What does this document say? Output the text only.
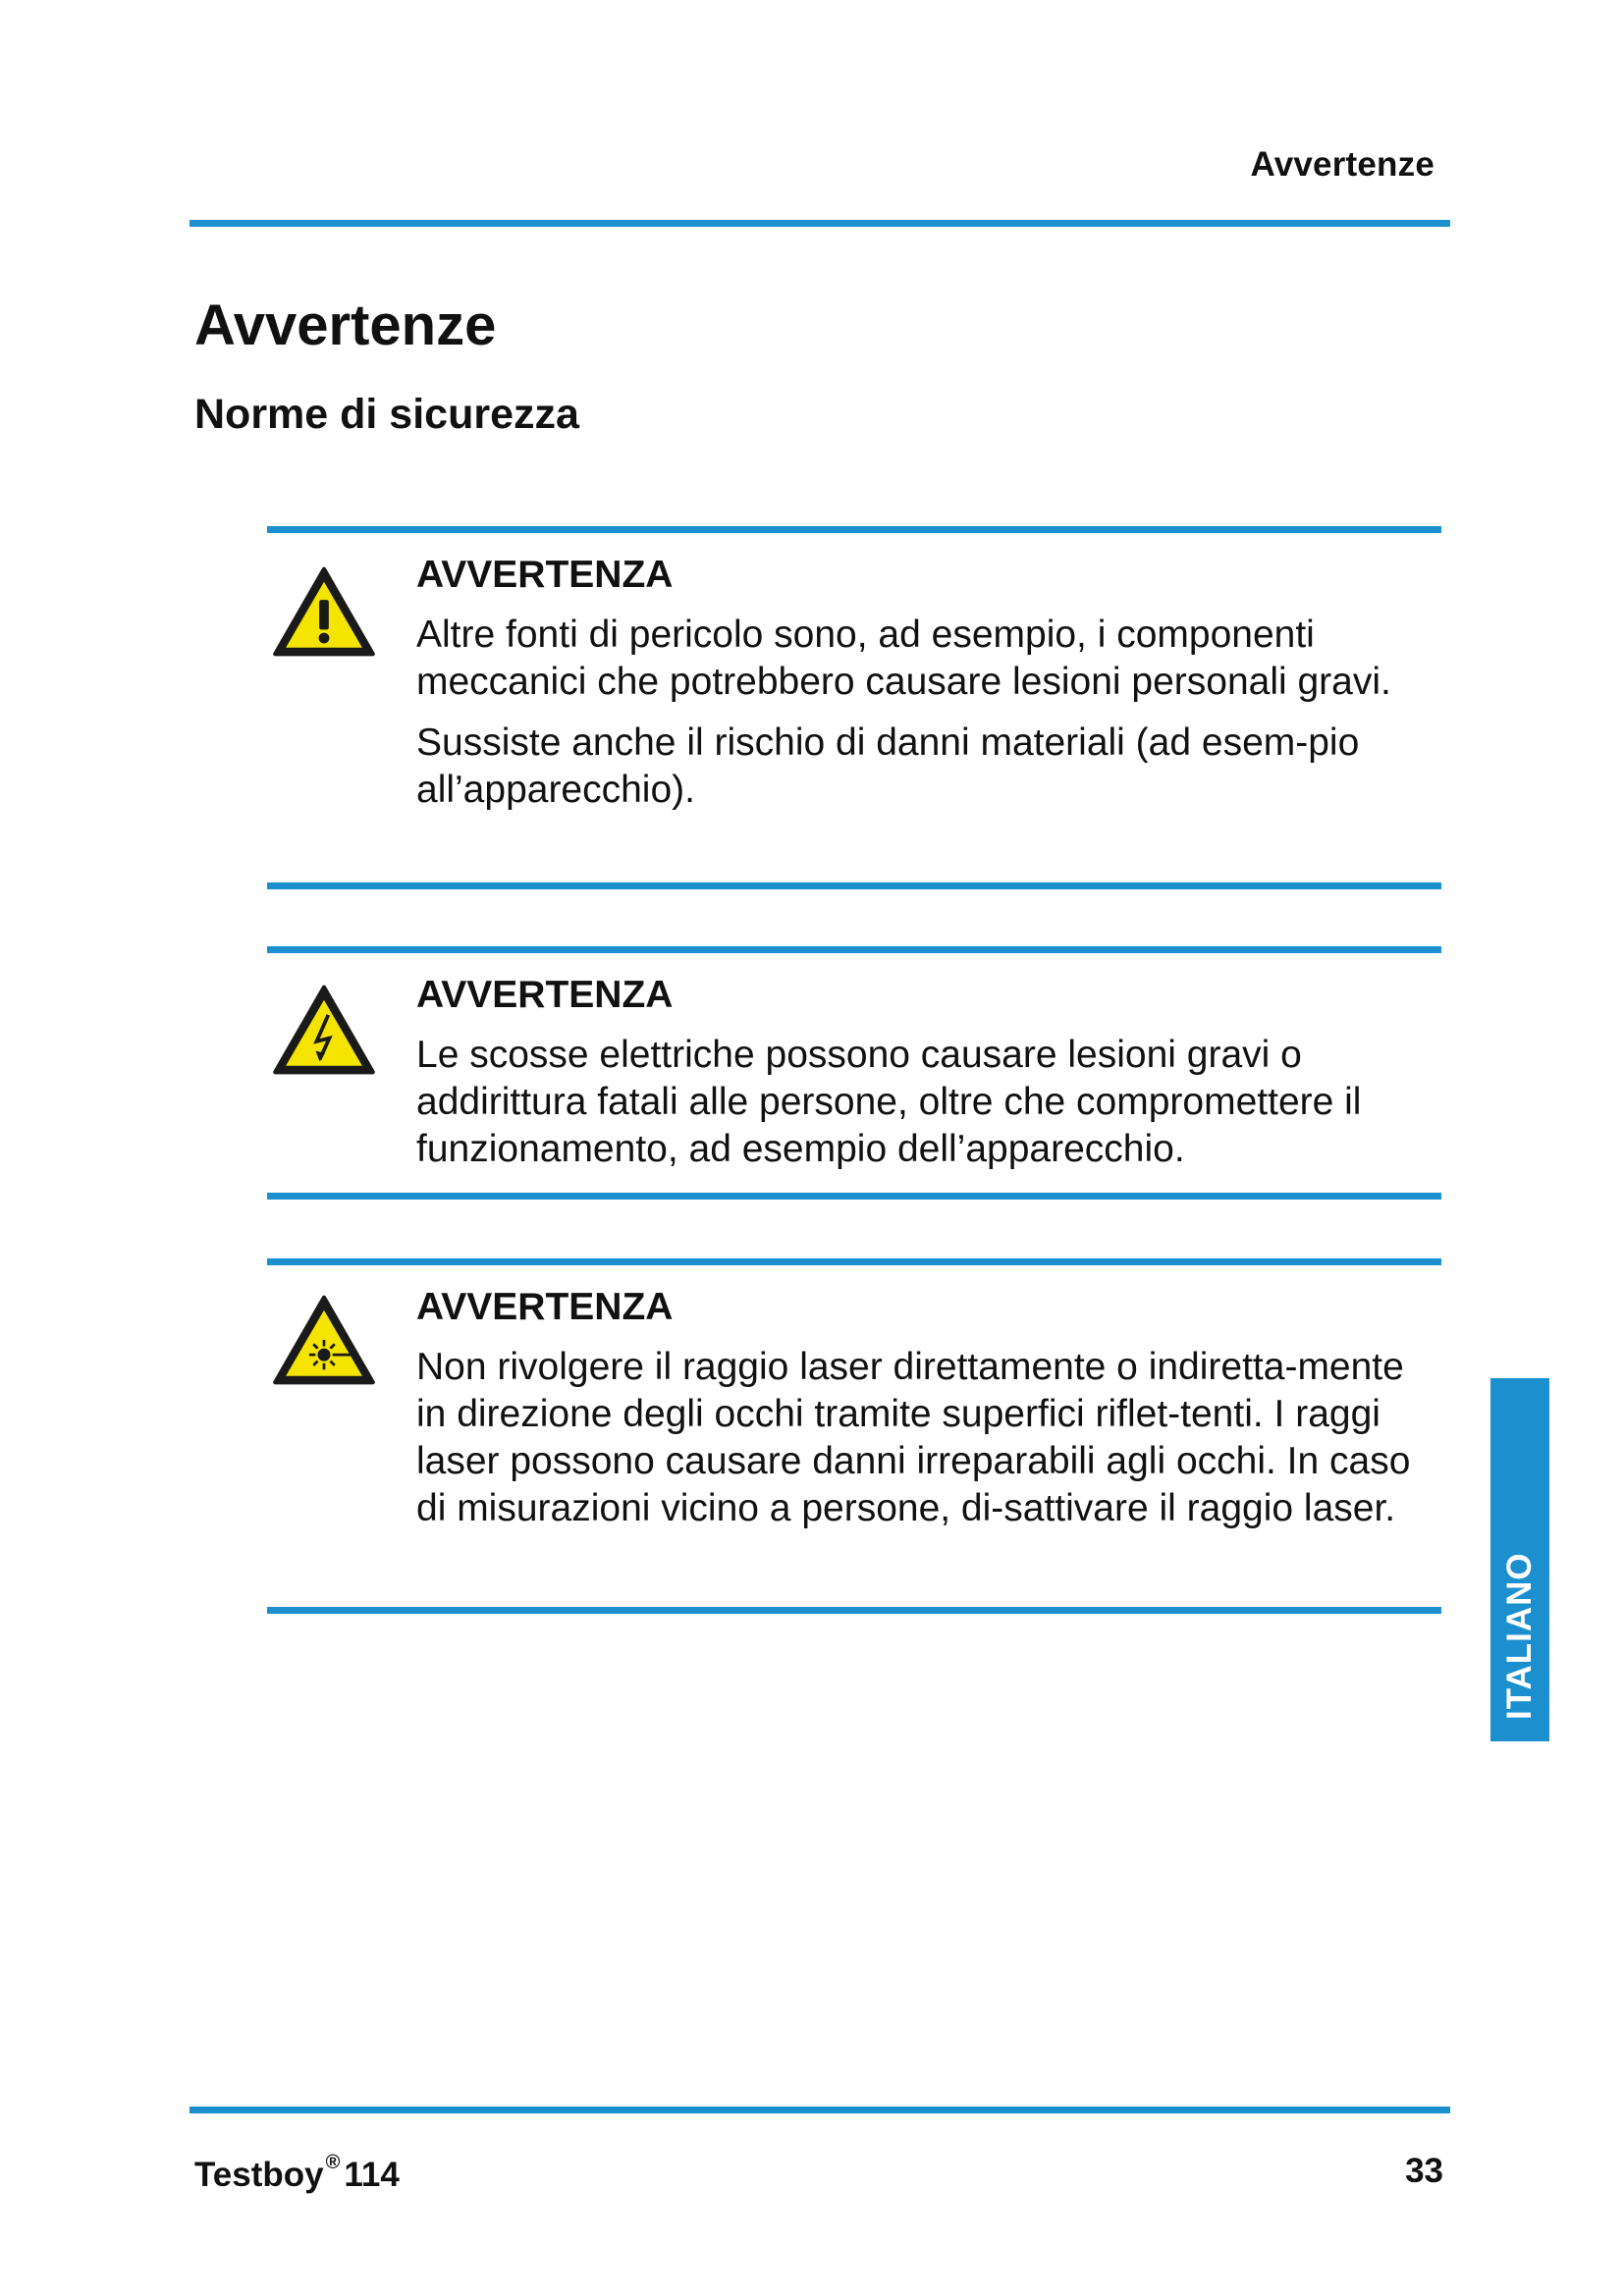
Avvertenze
Avvertenze
Norme di sicurezza
AVVERTENZA

Altre fonti di pericolo sono, ad esempio, i componenti meccanici che potrebbero causare lesioni personali gravi.

Sussiste anche il rischio di danni materiali (ad esem-pio all’apparecchio).

AVVERTENZA

Le scosse elettriche possono causare lesioni gravi o addirittura fatali alle persone, oltre che compromettere il funzionamento, ad esempio dell’apparecchio.

AVVERTENZA

Non rivolgere il raggio laser direttamente o indiretta-mente in direzione degli occhi tramite superfici riflet-tenti. I raggi laser possono causare danni irreparabili agli occhi. In caso di misurazioni vicino a persone, di-sattivare il raggio laser.

ITALIANO
Testboy ® 114	33
